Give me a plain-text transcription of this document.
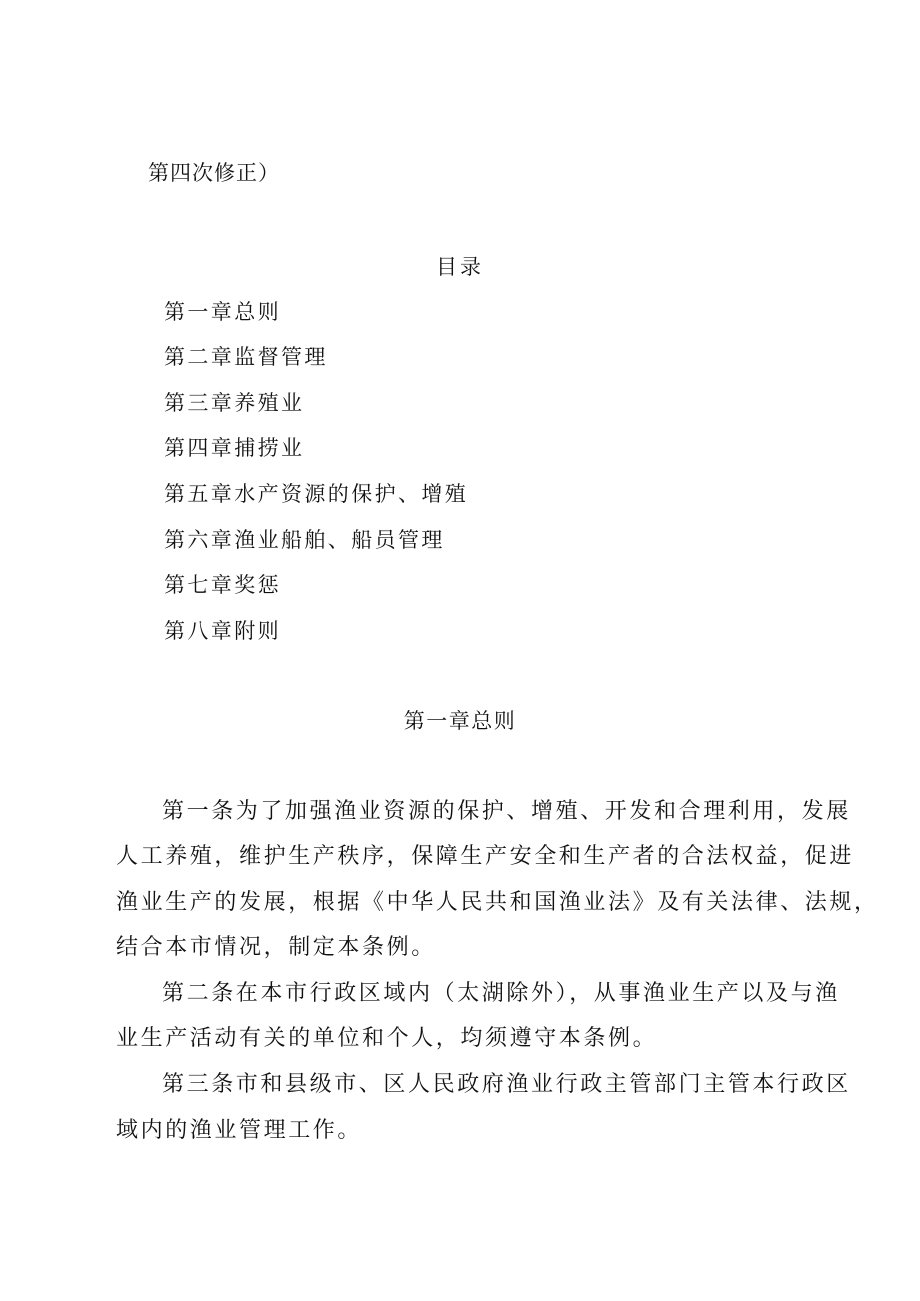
第四次修正）
目录
第一章总则
第二章监督管理
第三章养殖业
第四章捕捞业
第五章水产资源的保护、增殖
第六章渔业船舶、船员管理
第七章奖惩
第八章附则
第一章总则
第一条为了加强渔业资源的保护、增殖、开发和合理利用，发展
人工养殖，维护生产秩序，保障生产安全和生产者的合法权益，促进
渔业生产的发展，根据《中华人民共和国渔业法》及有关法律、法规，
结合本市情况，制定本条例。
第二条在本市行政区域内（太湖除外），从事渔业生产以及与渔
业生产活动有关的单位和个人，均须遵守本条例。
第三条市和县级市、区人民政府渔业行政主管部门主管本行政区
域内的渔业管理工作。
